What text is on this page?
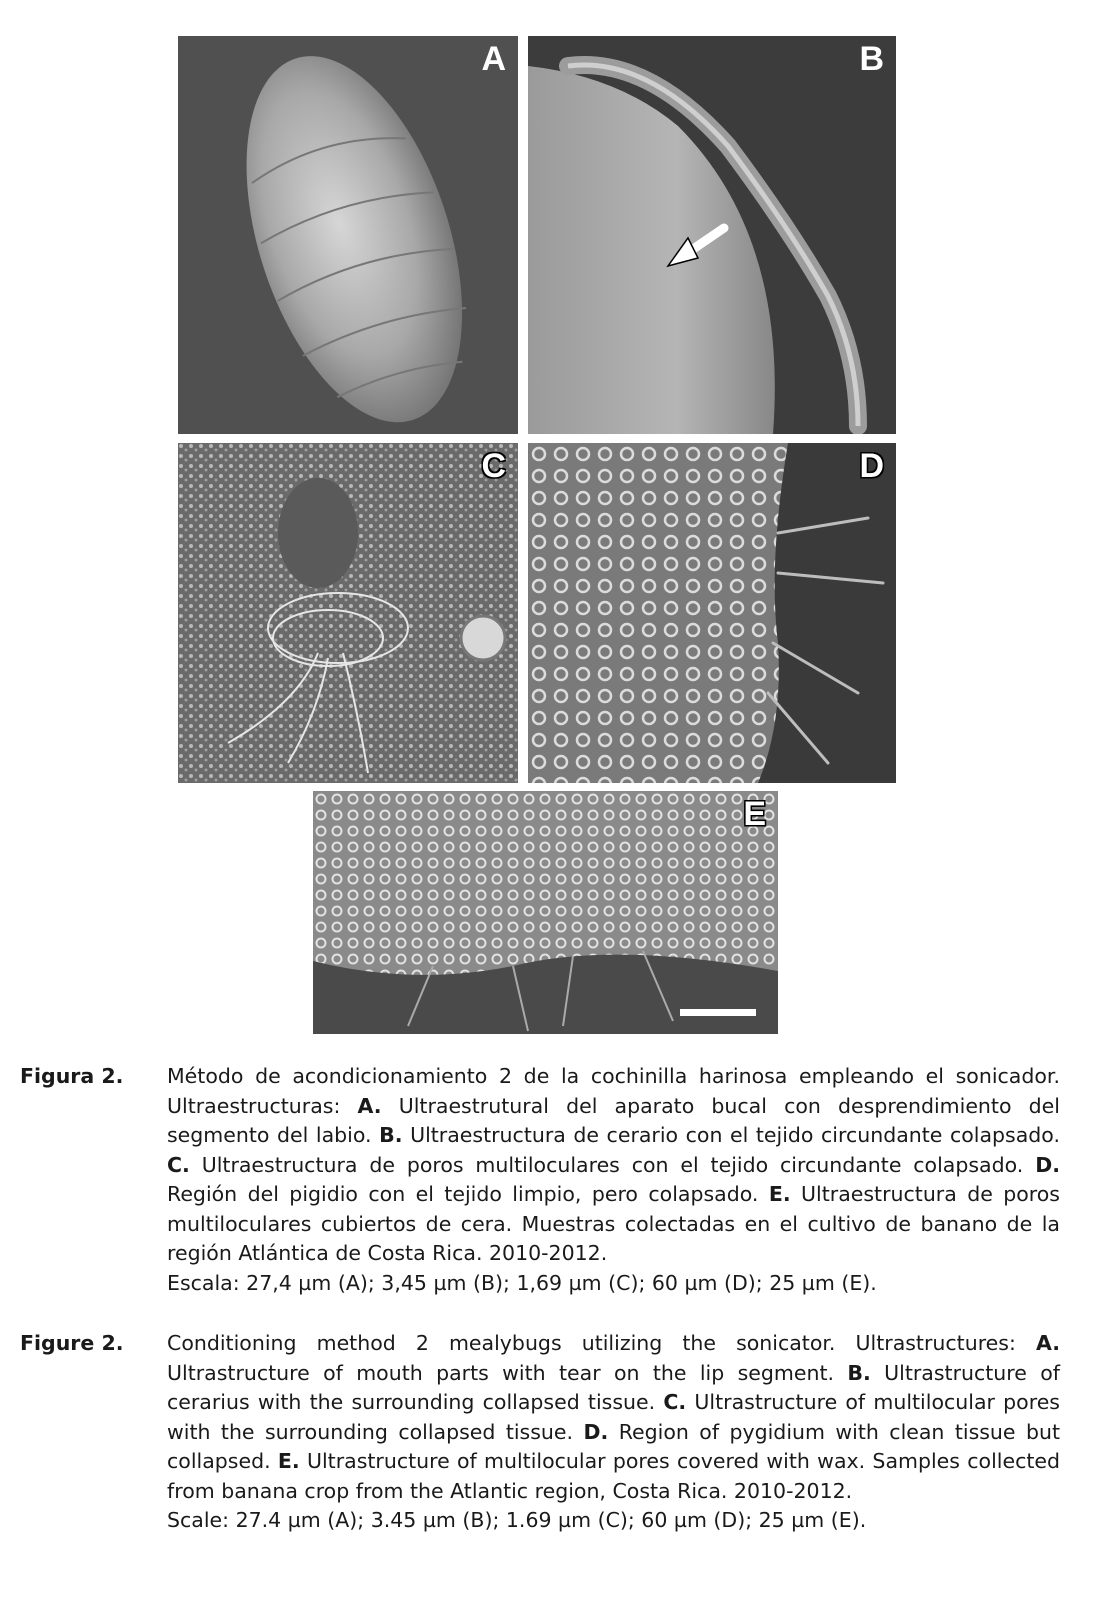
A	B
C	D
E
Figura 2. Método de acondicionamiento 2 de la cochinilla harinosa empleando el sonicador. Ultraestructuras: A. Ultraestrutural del aparato bucal con desprendimiento del segmento del labio. B. Ultraestructura de cerario con el tejido circundante colapsado. C. Ultraestructura de poros multiloculares con el tejido circundante colapsado. D. Región del pigidio con el tejido limpio, pero colapsado. E. Ultraestructura de poros multiloculares cubiertos de cera. Muestras colectadas en el cultivo de banano de la región Atlántica de Costa Rica. 2010-2012.
Escala: 27,4 µm (A); 3,45 µm (B); 1,69 µm (C); 60 µm (D); 25 µm (E).
Figure 2. Conditioning method 2 mealybugs utilizing the sonicator. Ultrastructures: A. Ultrastructure of mouth parts with tear on the lip segment. B. Ultrastructure of cerarius with the surrounding collapsed tissue. C. Ultrastructure of multilocular pores with the surrounding collapsed tissue. D. Region of pygidium with clean tissue but collapsed. E. Ultrastructure of multilocular pores covered with wax. Samples collected from banana crop from the Atlantic region, Costa Rica. 2010-2012.
Scale: 27.4 µm (A); 3.45 µm (B); 1.69 µm (C); 60 µm (D); 25 µm (E).
